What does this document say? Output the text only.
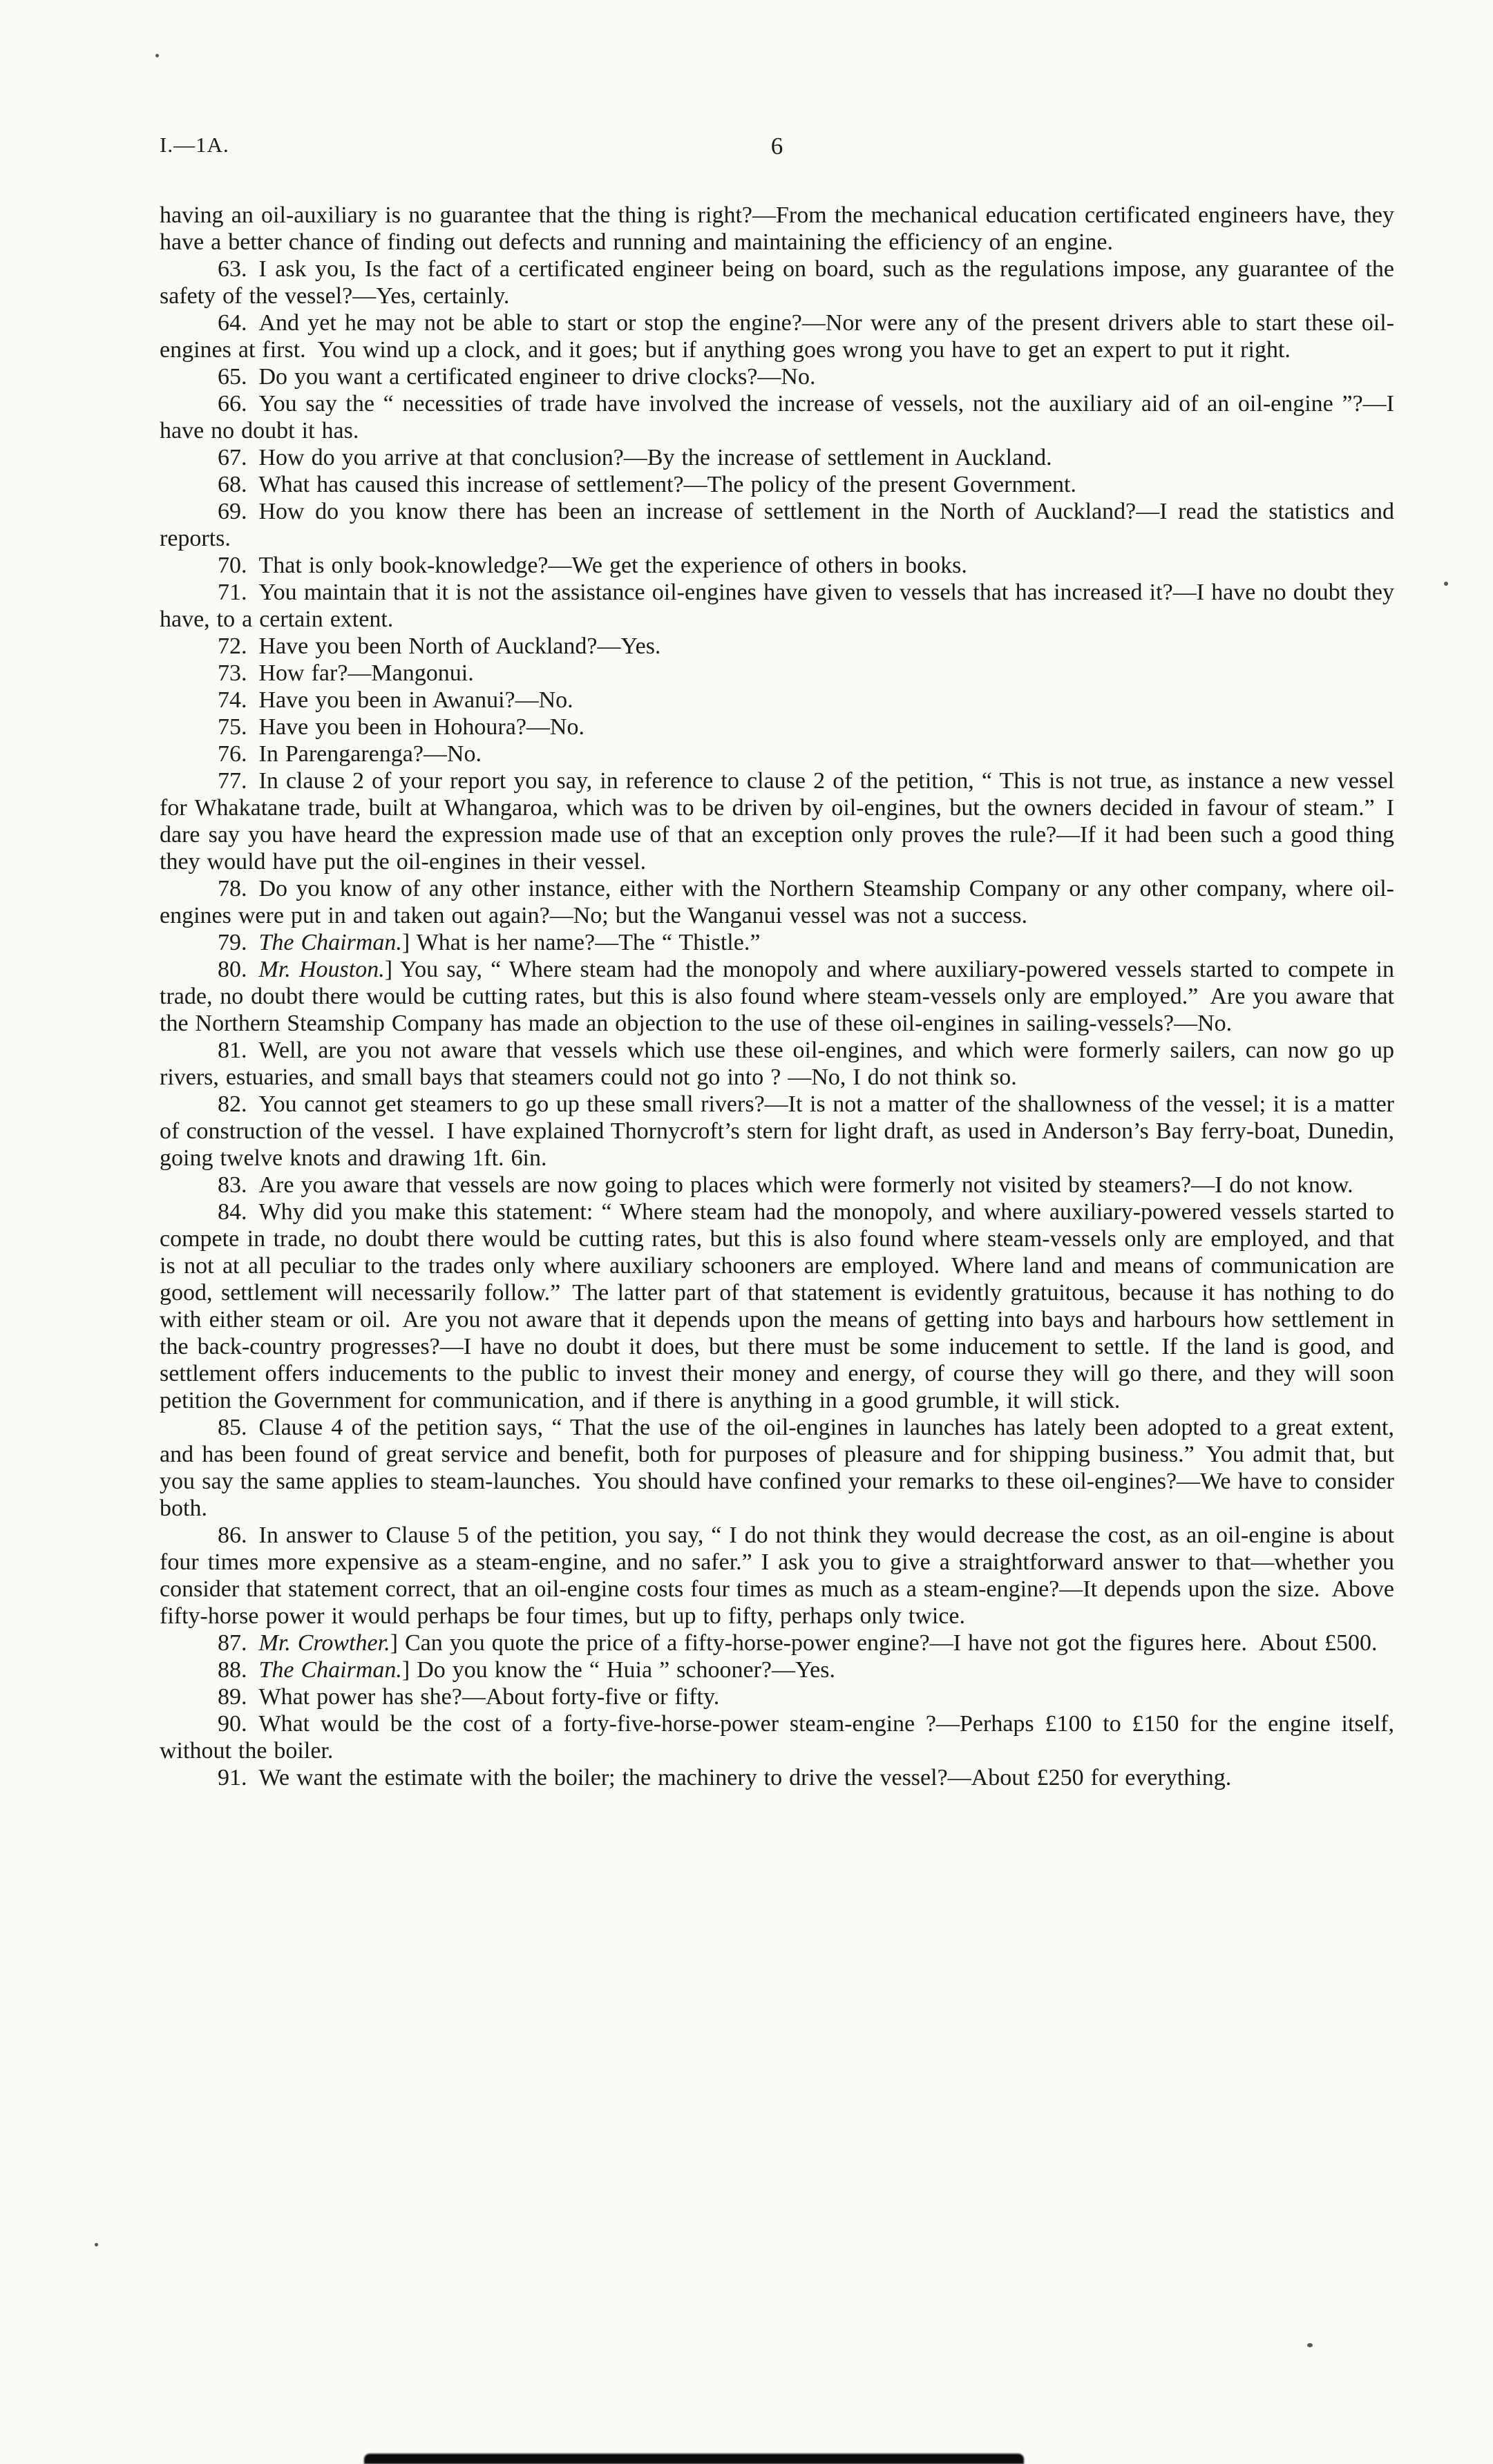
I.—1A.	6

having an oil-auxiliary is no guarantee that the thing is right?—From the mechanical education certificated engineers have, they have a better chance of finding out defects and running and maintaining the efficiency of an engine.

63. I ask you, Is the fact of a certificated engineer being on board, such as the regulations impose, any guarantee of the safety of the vessel?—Yes, certainly.

64. And yet he may not be able to start or stop the engine?—Nor were any of the present drivers able to start these oil-engines at first. You wind up a clock, and it goes; but if anything goes wrong you have to get an expert to put it right.

65. Do you want a certificated engineer to drive clocks?—No.

66. You say the “ necessities of trade have involved the increase of vessels, not the auxiliary aid of an oil-engine ”?—I have no doubt it has.

67. How do you arrive at that conclusion?—By the increase of settlement in Auckland.

68. What has caused this increase of settlement?—The policy of the present Government.

69. How do you know there has been an increase of settlement in the North of Auckland?—I read the statistics and reports.

70. That is only book-knowledge?—We get the experience of others in books.

71. You maintain that it is not the assistance oil-engines have given to vessels that has increased it?—I have no doubt they have, to a certain extent.

72. Have you been North of Auckland?—Yes.

73. How far?—Mangonui.

74. Have you been in Awanui?—No.

75. Have you been in Hohoura?—No.

76. In Parengarenga?—No.

77. In clause 2 of your report you say, in reference to clause 2 of the petition, “ This is not true, as instance a new vessel for Whakatane trade, built at Whangaroa, which was to be driven by oil-engines, but the owners decided in favour of steam.” I dare say you have heard the expression made use of that an exception only proves the rule?—If it had been such a good thing they would have put the oil-engines in their vessel.

78. Do you know of any other instance, either with the Northern Steamship Company or any other company, where oil-engines were put in and taken out again?—No; but the Wanganui vessel was not a success.

79. The Chairman.] What is her name?—The “ Thistle.”

80. Mr. Houston.] You say, “ Where steam had the monopoly and where auxiliary-powered vessels started to compete in trade, no doubt there would be cutting rates, but this is also found where steam-vessels only are employed.” Are you aware that the Northern Steamship Company has made an objection to the use of these oil-engines in sailing-vessels?—No.

81. Well, are you not aware that vessels which use these oil-engines, and which were formerly sailers, can now go up rivers, estuaries, and small bays that steamers could not go into ? —No, I do not think so.

82. You cannot get steamers to go up these small rivers?—It is not a matter of the shallowness of the vessel; it is a matter of construction of the vessel. I have explained Thornycroft’s stern for light draft, as used in Anderson’s Bay ferry-boat, Dunedin, going twelve knots and drawing 1ft. 6in.

83. Are you aware that vessels are now going to places which were formerly not visited by steamers?—I do not know.

84. Why did you make this statement: “ Where steam had the monopoly, and where auxiliary-powered vessels started to compete in trade, no doubt there would be cutting rates, but this is also found where steam-vessels only are employed, and that is not at all peculiar to the trades only where auxiliary schooners are employed. Where land and means of communication are good, settlement will necessarily follow.” The latter part of that statement is evidently gratuitous, because it has nothing to do with either steam or oil. Are you not aware that it depends upon the means of getting into bays and harbours how settlement in the back-country progresses?—I have no doubt it does, but there must be some inducement to settle. If the land is good, and settlement offers inducements to the public to invest their money and energy, of course they will go there, and they will soon petition the Government for communication, and if there is anything in a good grumble, it will stick.

85. Clause 4 of the petition says, “ That the use of the oil-engines in launches has lately been adopted to a great extent, and has been found of great service and benefit, both for purposes of pleasure and for shipping business.” You admit that, but you say the same applies to steam-launches. You should have confined your remarks to these oil-engines?—We have to consider both.

86. In answer to Clause 5 of the petition, you say, “ I do not think they would decrease the cost, as an oil-engine is about four times more expensive as a steam-engine, and no safer.” I ask you to give a straightforward answer to that—whether you consider that statement correct, that an oil-engine costs four times as much as a steam-engine?—It depends upon the size. Above fifty-horse power it would perhaps be four times, but up to fifty, perhaps only twice.

87. Mr. Crowther.] Can you quote the price of a fifty-horse-power engine?—I have not got the figures here. About £500.

88. The Chairman.] Do you know the “ Huia ” schooner?—Yes.

89. What power has she?—About forty-five or fifty.

90. What would be the cost of a forty-five-horse-power steam-engine ?—Perhaps £100 to £150 for the engine itself, without the boiler.

91. We want the estimate with the boiler; the machinery to drive the vessel?—About £250 for everything.
